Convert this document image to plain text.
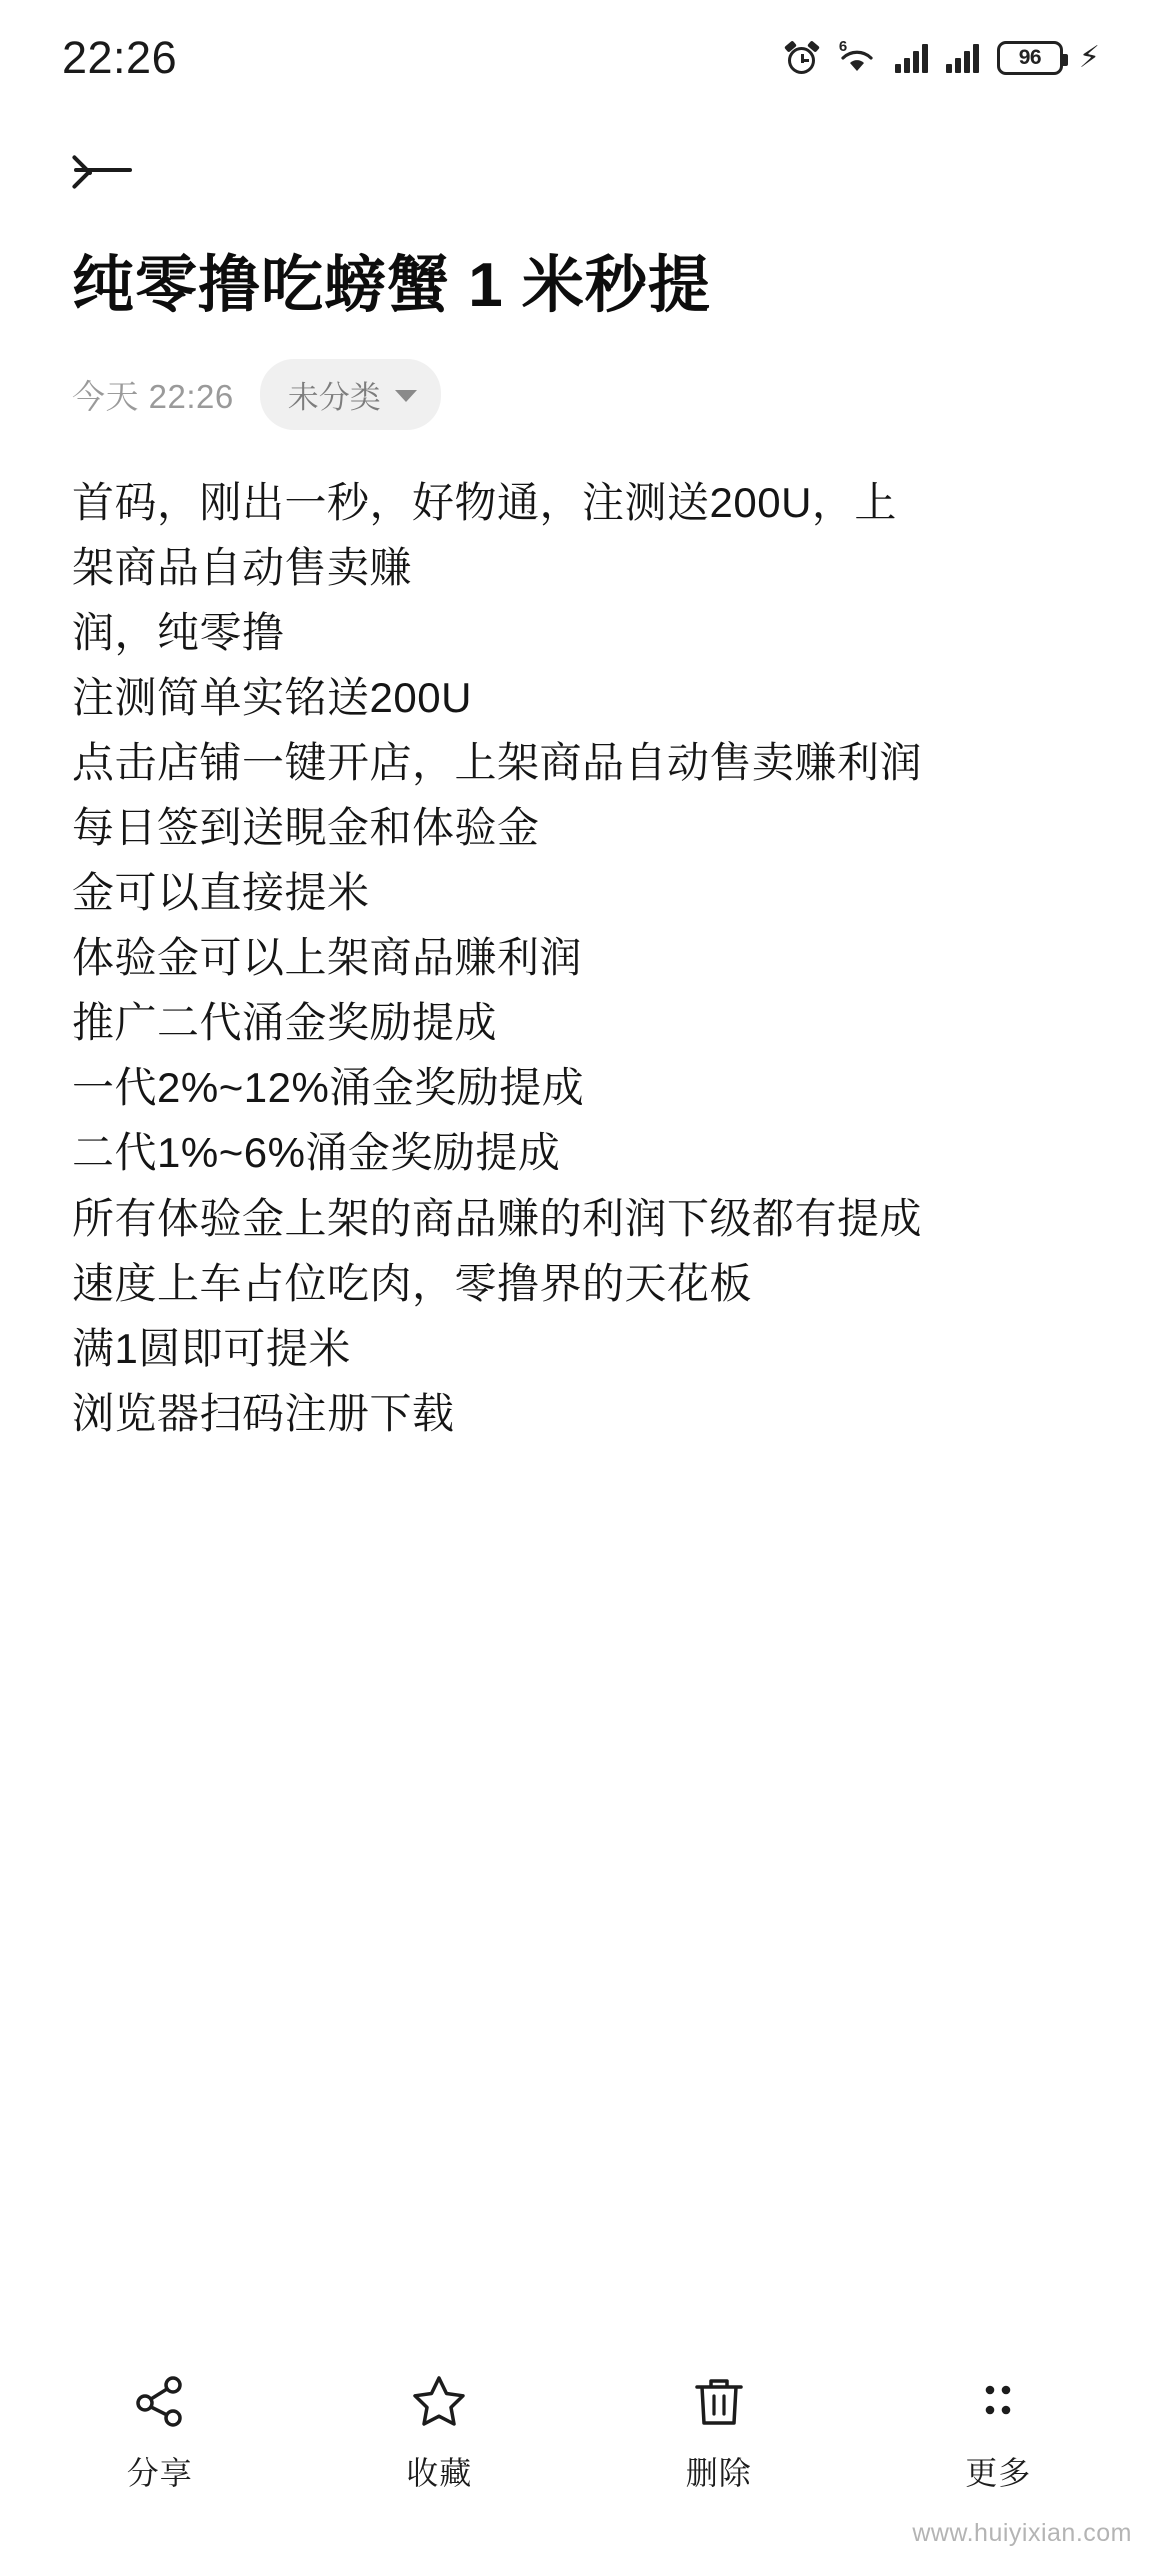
22:26	6	96 ⚡
纯零撸吃螃蟹 1 米秒提
今天 22:26 未分类
首码，刚出一秒，好物通，注测送200U，上
架商品自动售卖赚
润，纯零撸
注测简单实铭送200U
点击店铺一键开店，上架商品自动售卖赚利润
每日签到送睍金和体验金
金可以直接提米
体验金可以上架商品赚利润
推广二代涌金奖励提成
一代2%~12%涌金奖励提成
二代1%~6%涌金奖励提成
所有体验金上架的商品赚的利润下级都有提成
速度上车占位吃肉，零撸界的天花板
满1圆即可提米
浏览器扫码注册下载
分享	收藏	删除	更多
www.huiyixian.com
